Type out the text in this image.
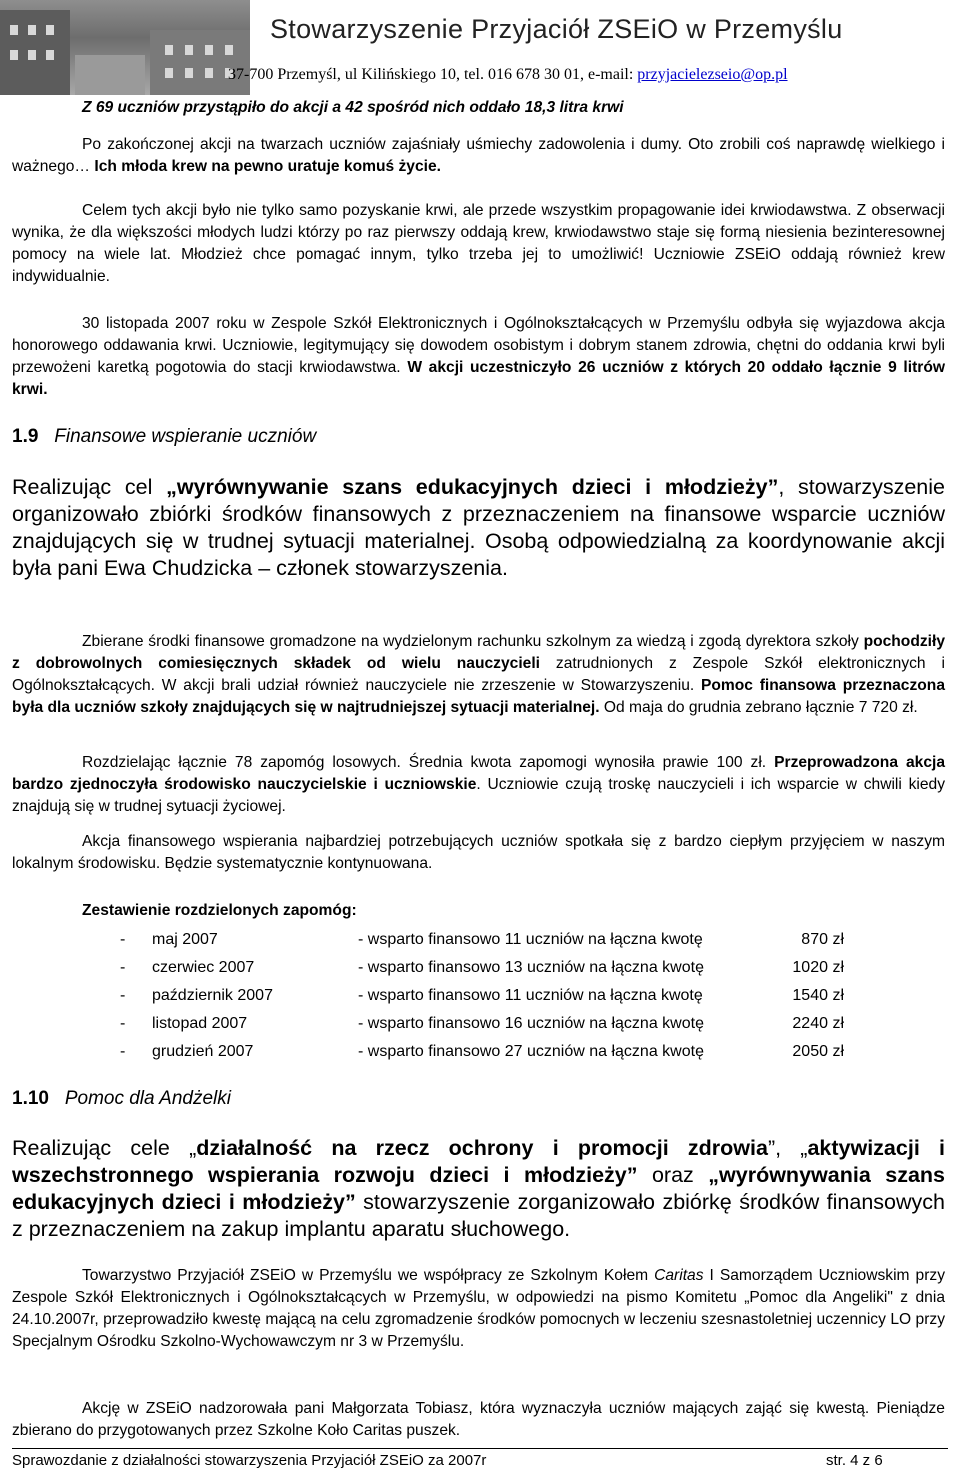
Stowarzyszenie Przyjaciół ZSEiO w Przemyślu
37-700 Przemyśl, ul Kilińskiego 10, tel. 016 678 30 01, e-mail: przyjacielezseio@op.pl
Z 69 uczniów przystąpiło do akcji a 42 spośród nich oddało 18,3 litra krwi
Po zakończonej akcji na twarzach uczniów zajaśniały uśmiechy zadowolenia i dumy. Oto zrobili coś naprawdę wielkiego i ważnego… Ich młoda krew na pewno uratuje komuś życie.
Celem tych akcji było nie tylko samo pozyskanie krwi, ale przede wszystkim propagowanie idei krwiodawstwa. Z obserwacji wynika, że dla większości młodych ludzi którzy po raz pierwszy oddają krew, krwiodawstwo staje się formą niesienia bezinteresownej pomocy na wiele lat. Młodzież chce pomagać innym, tylko trzeba jej to umożliwić! Uczniowie ZSEiO oddają również krew indywidualnie.
30 listopada 2007 roku w Zespole Szkół Elektronicznych i Ogólnokształcących w Przemyślu odbyła się wyjazdowa akcja honorowego oddawania krwi. Uczniowie, legitymujący się dowodem osobistym i dobrym stanem zdrowia, chętni do oddania krwi byli przewożeni karetką pogotowia do stacji krwiodawstwa. W akcji uczestniczyło 26 uczniów z których 20 oddało łącznie 9 litrów krwi.
1.9 Finansowe wspieranie uczniów
Realizując cel „wyrównywanie szans edukacyjnych dzieci i młodzieży”, stowarzyszenie organizowało zbiórki środków finansowych z przeznaczeniem na finansowe wsparcie uczniów znajdujących się w trudnej sytuacji materialnej. Osobą odpowiedzialną za koordynowanie akcji była pani Ewa Chudzicka – członek stowarzyszenia.
Zbierane środki finansowe gromadzone na wydzielonym rachunku szkolnym za wiedzą i zgodą dyrektora szkoły pochodziły z dobrowolnych comiesięcznych składek od wielu nauczycieli zatrudnionych z Zespole Szkół elektronicznych i Ogólnokształcących. W akcji brali udział również nauczyciele nie zrzeszenie w Stowarzyszeniu. Pomoc finansowa przeznaczona była dla uczniów szkoły znajdujących się w najtrudniejszej sytuacji materialnej. Od maja do grudnia zebrano łącznie 7 720 zł.
Rozdzielając łącznie 78 zapomóg losowych. Średnia kwota zapomogi wynosiła prawie 100 zł. Przeprowadzona akcja bardzo zjednoczyła środowisko nauczycielskie i uczniowskie. Uczniowie czują troskę nauczycieli i ich wsparcie w chwili kiedy znajdują się w trudnej sytuacji życiowej.
Akcja finansowego wspierania najbardziej potrzebujących uczniów spotkała się z bardzo ciepłym przyjęciem w naszym lokalnym środowisku. Będzie systematycznie kontynuowana.
Zestawienie rozdzielonych zapomóg:
- maj 2007	- wsparto finansowo 11 uczniów na łączna kwotę	870 zł
- czerwiec 2007	- wsparto finansowo 13 uczniów na łączna kwotę	1020 zł
- październik 2007	- wsparto finansowo 11 uczniów na łączna kwotę	1540 zł
- listopad 2007	- wsparto finansowo 16 uczniów na łączna kwotę	2240 zł
- grudzień 2007	- wsparto finansowo 27 uczniów na łączna kwotę	2050 zł
1.10 Pomoc dla Andżelki
Realizując cele „działalność na rzecz ochrony i promocji zdrowia”, „aktywizacji i wszechstronnego wspierania rozwoju dzieci i młodzieży” oraz „wyrównywania szans edukacyjnych dzieci i młodzieży” stowarzyszenie zorganizowało zbiórkę środków finansowych z przeznaczeniem na zakup implantu aparatu słuchowego.
Towarzystwo Przyjaciół ZSEiO w Przemyślu we współpracy ze Szkolnym Kołem Caritas I Samorządem Uczniowskim przy Zespole Szkół Elektronicznych i Ogólnokształcących w Przemyślu, w odpowiedzi na pismo Komitetu „Pomoc dla Angeliki" z dnia 24.10.2007r, przeprowadziło kwestę mającą na celu zgromadzenie środków pomocnych w leczeniu szesnastoletniej uczennicy LO przy Specjalnym Ośrodku Szkolno-Wychowawczym nr 3 w Przemyślu.
Akcję w ZSEiO nadzorowała pani Małgorzata Tobiasz, która wyznaczyła uczniów mających zająć się kwestą. Pieniądze zbierano do przygotowanych przez Szkolne Koło Caritas puszek.
Sprawozdanie z działalności stowarzyszenia Przyjaciół ZSEiO za 2007r	str. 4 z 6
